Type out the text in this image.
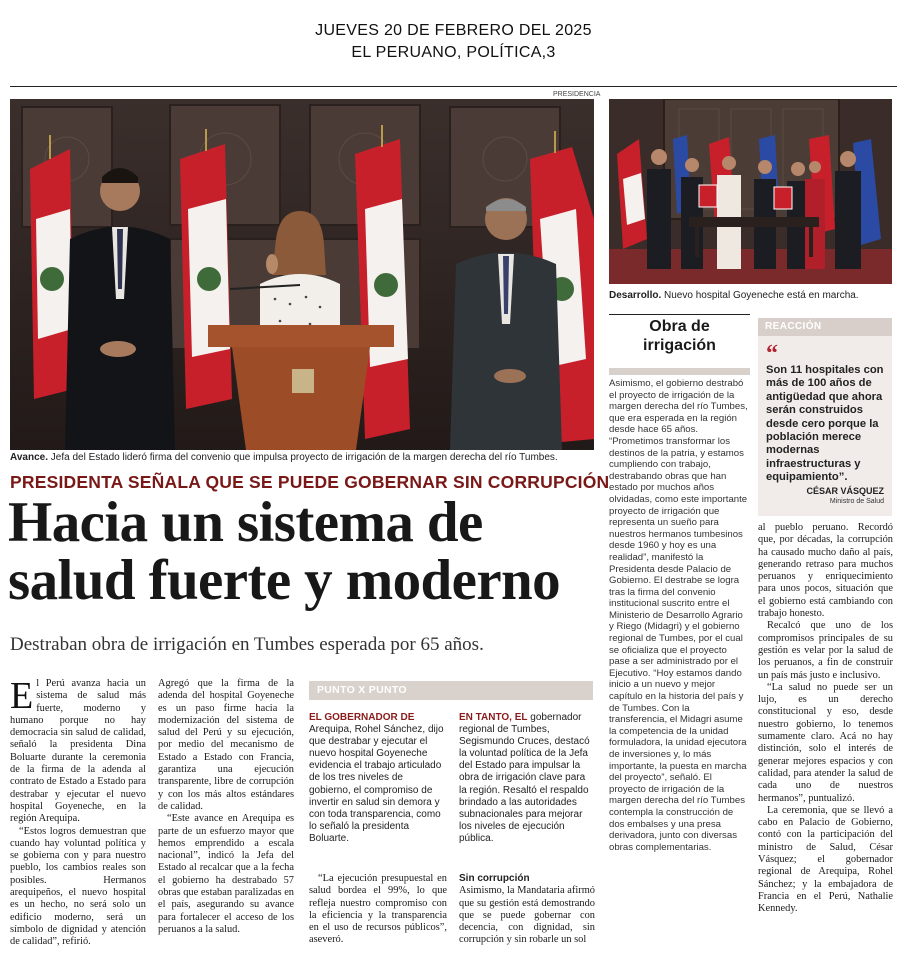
JUEVES 20 DE FEBRERO DEL 2025
EL PERUANO, POLÍTICA,3
PRESIDENCIA
Avance. Jefa del Estado lideró firma del convenio que impulsa proyecto de irrigación de la margen derecha del río Tumbes.
Desarrollo. Nuevo hospital Goyeneche está en marcha.
PRESIDENTA SEÑALA QUE SE PUEDE GOBERNAR SIN CORRUPCIÓN
Hacia un sistema de
salud fuerte y moderno
Destraban obra de irrigación en Tumbes esperada por 65 años.

El Perú avanza hacia un sistema de salud más fuerte, moderno y humano porque no hay democracia sin salud de calidad, señaló la presidenta Dina Boluarte durante la ceremonia de la firma de la adenda al contrato de Estado a Estado para destrabar y ejecutar el nuevo hospital Goyeneche, en la región Arequipa.

“Estos logros demuestran que cuando hay voluntad política y se gobierna con y para nuestro pueblo, los cambios reales son posibles. Hermanos arequipeños, el nuevo hospital es un hecho, no será solo un edificio moderno, será un símbolo de dignidad y atención de calidad”, refirió.

Agregó que la firma de la adenda del hospital Goyeneche es un paso firme hacia la modernización del sistema de salud del Perú y su ejecución, por medio del mecanismo de Estado a Estado con Francia, garantiza una ejecución transparente, libre de corrupción y con los más altos estándares de calidad.

“Este avance en Arequipa es parte de un esfuerzo mayor que hemos emprendido a escala nacional”, indicó la Jefa del Estado al recalcar que a la fecha el gobierno ha destrabado 57 obras que estaban paralizadas en el país, asegurando su avance para fortalecer el acceso de los peruanos a la salud.

PUNTO X PUNTO
EL GOBERNADOR DE Arequipa, Rohel Sánchez, dijo que destrabar y ejecutar el nuevo hospital Goyeneche evidencia el trabajo articulado de los tres niveles de gobierno, el compromiso de invertir en salud sin demora y con toda transparencia, como lo señaló la presidenta Boluarte.
EN TANTO, EL gobernador regional de Tumbes, Segismundo Cruces, destacó la voluntad política de la Jefa del Estado para impulsar la obra de irrigación clave para la región. Resaltó el respaldo brindado a las autoridades subnacionales para mejorar los niveles de ejecución pública.
“La ejecución presupuestal en salud bordea el 99%, lo que refleja nuestro compromiso con la eficiencia y la transparencia en el uso de recursos públicos”, aseveró.
Sin corrupción
Asimismo, la Mandataria afirmó que su gestión está demostrando que se puede gobernar con decencia, con dignidad, sin corrupción y sin robarle un sol
Obra de
irrigación

Asimismo, el gobierno destrabó el proyecto de irrigación de la margen derecha del río Tumbes, que era esperada en la región desde hace 65 años.

“Prometimos transformar los destinos de la patria, y estamos cumpliendo con trabajo, destrabando obras que han estado por muchos años olvidadas, como este importante proyecto de irrigación que representa un sueño para nuestros hermanos tumbesinos desde 1960 y hoy es una realidad”, manifestó la Presidenta desde Palacio de Gobierno. El destrabe se logra tras la firma del convenio institucional suscrito entre el Ministerio de Desarrollo Agrario y Riego (Midagri) y el gobierno regional de Tumbes, por el cual se oficializa que el proyecto pase a ser administrado por el Ejecutivo. “Hoy estamos dando inicio a un nuevo y mejor capítulo en la historia del país y de Tumbes. Con la transferencia, el Midagri asume la competencia de la unidad formuladora, la unidad ejecutora de inversiones y, lo más importante, la puesta en marcha del proyecto”, señaló. El proyecto de irrigación de la margen derecha del río Tumbes contempla la construcción de dos embalses y una presa derivadora, junto con diversas obras complementarias.

REACCIÓN
“
Son 11 hospitales con más de 100 años de antigüedad que ahora serán construidos desde cero porque la población merece modernas infraestructuras y equipamiento”.
CÉSAR VÁSQUEZ
Ministro de Salud

al pueblo peruano. Recordó que, por décadas, la corrupción ha causado mucho daño al país, generando retraso para muchos peruanos y enriquecimiento para unos pocos, situación que el gobierno está cambiando con trabajo honesto.

Recalcó que uno de los compromisos principales de su gestión es velar por la salud de los peruanos, a fin de construir un país más justo e inclusivo.

“La salud no puede ser un lujo, es un derecho constitucional y eso, desde nuestro gobierno, lo tenemos sumamente claro. Acá no hay distinción, solo el interés de generar mejores espacios y con calidad, para atender la salud de cada uno de nuestros hermanos”, puntualizó.

La ceremonia, que se llevó a cabo en Palacio de Gobierno, contó con la participación del ministro de Salud, César Vásquez; el gobernador regional de Arequipa, Rohel Sánchez; y la embajadora de Francia en el Perú, Nathalie Kennedy.
